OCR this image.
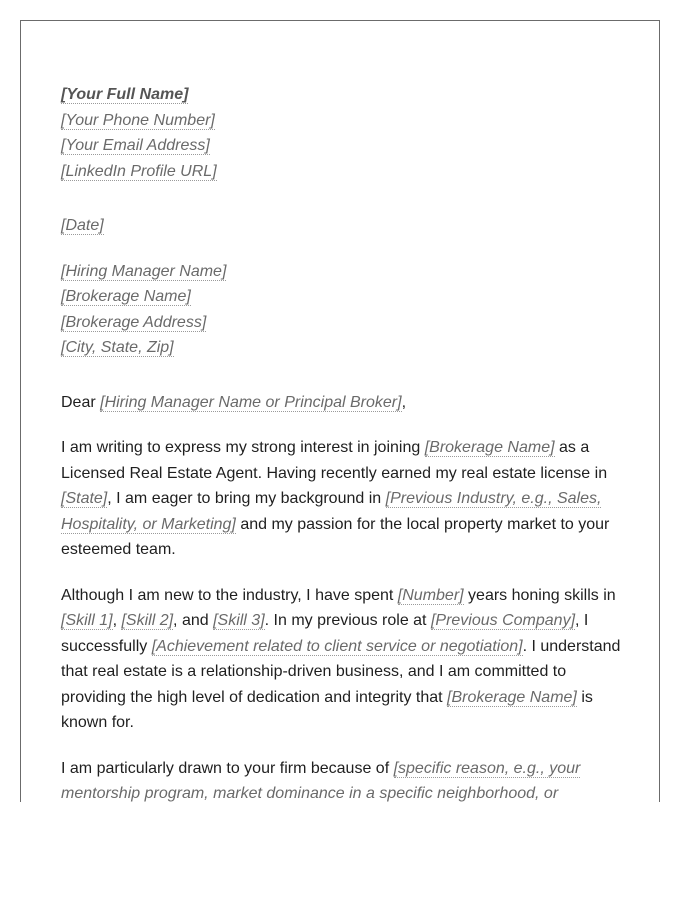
[Your Full Name]
[Your Phone Number]
[Your Email Address]
[LinkedIn Profile URL]
[Date]
[Hiring Manager Name]
[Brokerage Name]
[Brokerage Address]
[City, State, Zip]

Dear [Hiring Manager Name or Principal Broker],

I am writing to express my strong interest in joining [Brokerage Name] as a
Licensed Real Estate Agent. Having recently earned my real estate license in
[State], I am eager to bring my background in [Previous Industry, e.g., Sales,
Hospitality, or Marketing] and my passion for the local property market to your
esteemed team.

Although I am new to the industry, I have spent [Number] years honing skills in
[Skill 1], [Skill 2], and [Skill 3]. In my previous role at [Previous Company], I
successfully [Achievement related to client service or negotiation]. I understand
that real estate is a relationship-driven business, and I am committed to
providing the high level of dedication and integrity that [Brokerage Name] is
known for.

I am particularly drawn to your firm because of [specific reason, e.g., your
mentorship program, market dominance in a specific neighborhood, or
